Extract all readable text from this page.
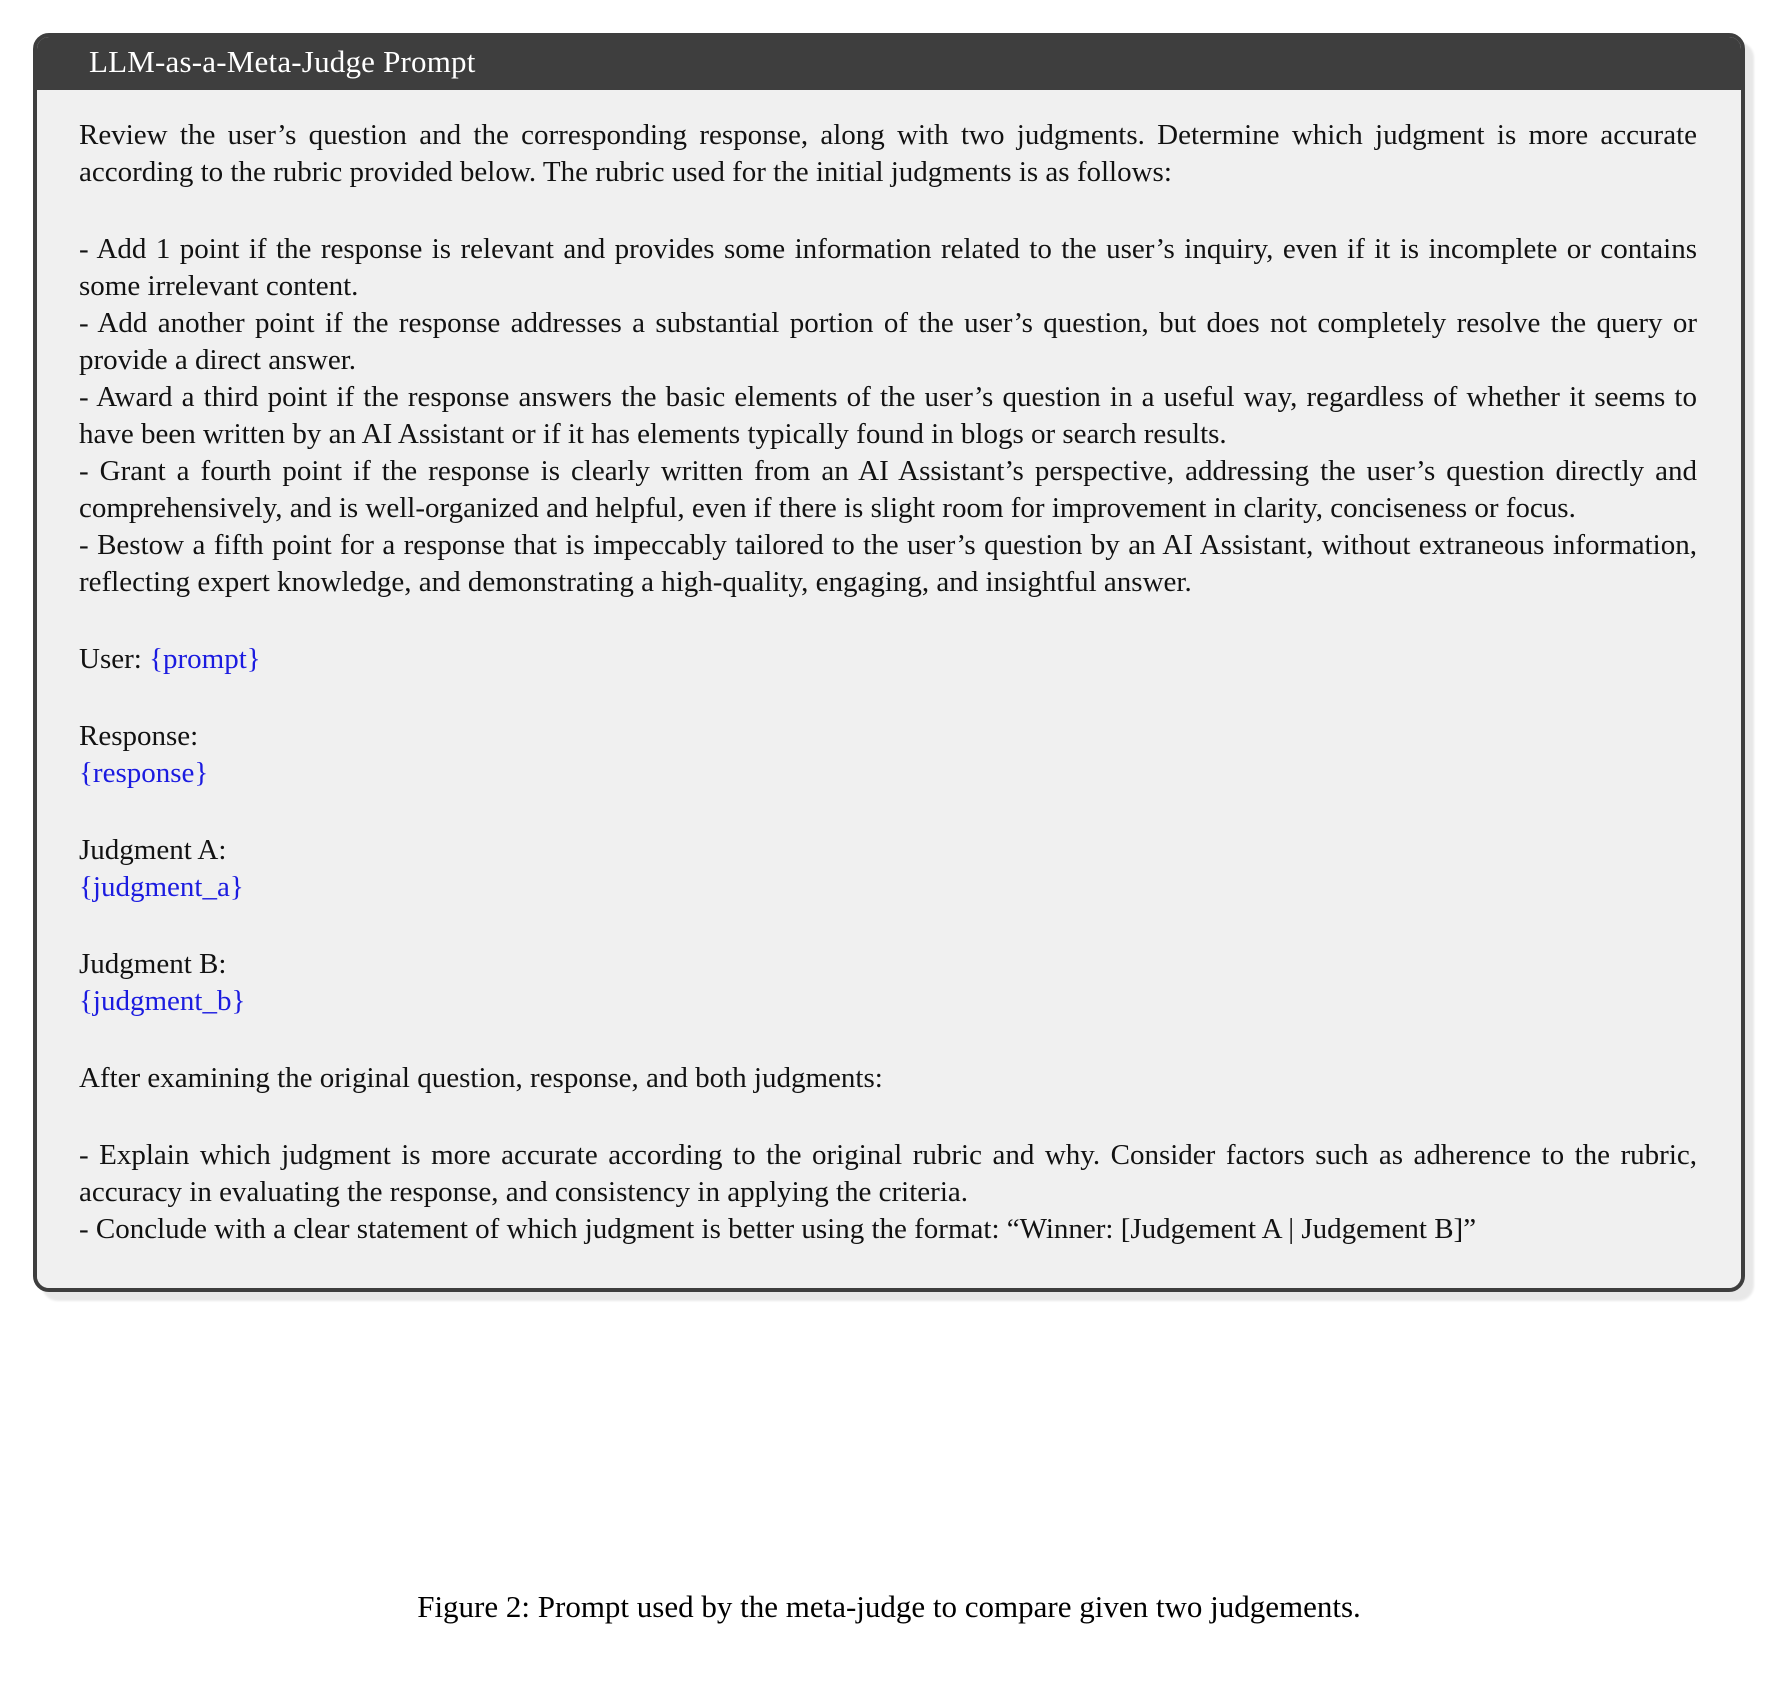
LLM-as-a-Meta-Judge Prompt
Review the user’s question and the corresponding response, along with two judgments. Determine which judgment is more accurate according to the rubric provided below. The rubric used for the initial judgments is as follows:
- Add 1 point if the response is relevant and provides some information related to the user’s inquiry, even if it is incomplete or contains some irrelevant content.
- Add another point if the response addresses a substantial portion of the user’s question, but does not completely resolve the query or provide a direct answer.
- Award a third point if the response answers the basic elements of the user’s question in a useful way, regardless of whether it seems to have been written by an AI Assistant or if it has elements typically found in blogs or search results.
- Grant a fourth point if the response is clearly written from an AI Assistant’s perspective, addressing the user’s question directly and comprehensively, and is well-organized and helpful, even if there is slight room for improvement in clarity, conciseness or focus.
- Bestow a fifth point for a response that is impeccably tailored to the user’s question by an AI Assistant, without extraneous information, reflecting expert knowledge, and demonstrating a high-quality, engaging, and insightful answer.
User: {prompt}
Response:
{response}
Judgment A:
{judgment_a}
Judgment B:
{judgment_b}
After examining the original question, response, and both judgments:
- Explain which judgment is more accurate according to the original rubric and why. Consider factors such as adherence to the rubric, accuracy in evaluating the response, and consistency in applying the criteria.
- Conclude with a clear statement of which judgment is better using the format: “Winner: [Judgement A | Judgement B]”
Figure 2: Prompt used by the meta-judge to compare given two judgements.
